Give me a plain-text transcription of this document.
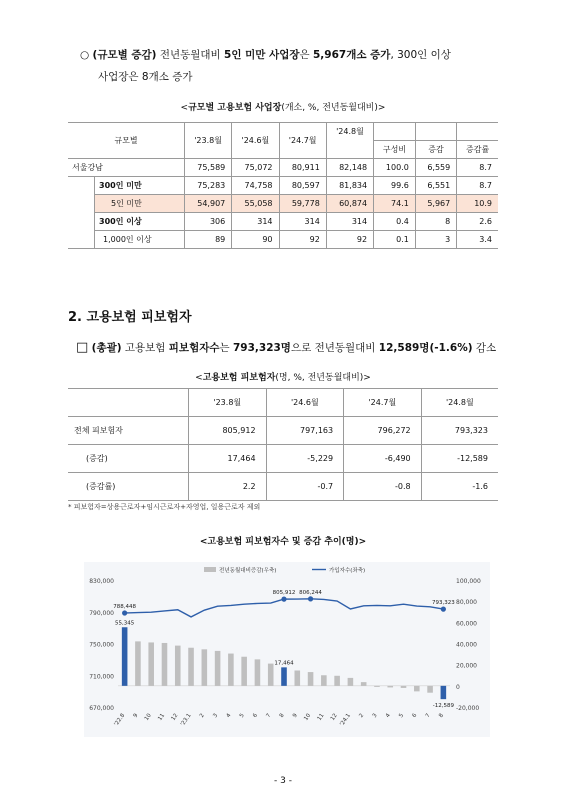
○ (규모별 증감) 전년동월대비 5인 미만 사업장은 5,967개소 증가, 300인 이상
사업장은 8개소 증가
<규모별 고용보험 사업장(개소, %, 전년동월대비)>
규모별		'23.8월	'24.6월	'24.7월	'24.8월			
						구성비	증감	증감률
서울강남		75,589	75,072	80,911	82,148	100.0	6,559	8.7
	300인 미만	75,283	74,758	80,597	81,834	99.6	6,551	8.7
	5인 미만	54,907	55,058	59,778	60,874	74.1	5,967	10.9
	300인 이상	306	314	314	314	0.4	8	2.6
	1,000인 이상	89	90	92	92	0.1	3	3.4
2. 고용보험 피보험자
□ (총괄) 고용보험 피보험자수는 793,323명으로 전년동월대비 12,589명(-1.6%) 감소
<고용보험 피보험자(명, %, 전년동월대비)>
	'23.8월	'24.6월	'24.7월	'24.8월
전체 피보험자	805,912	797,163	796,272	793,323
(증감)	17,464	-5,229	-6,490	-12,589
(증감률)	2.2	-0.7	-0.8	-1.6
* 피보험자=상용근로자+임시근로자+자영업, 일용근로자 제외
<고용보험 피보험자수 및 증감 추이(명)>
830,000
790,000
750,000
710,000
670,000
100,000
80,000
60,000
40,000
20,000
0
-20,000
788,448
55,345
805,912 806,244
17,464
793,323
-12,589
'22.8 9 10 11 12 '23.1 2 3 4 5 6 7 8 9 10 11 12 '24.1 2 3 4 5 6 7 8
전년동월대비증감(우축)	가입자수(좌축)
- 3 -
